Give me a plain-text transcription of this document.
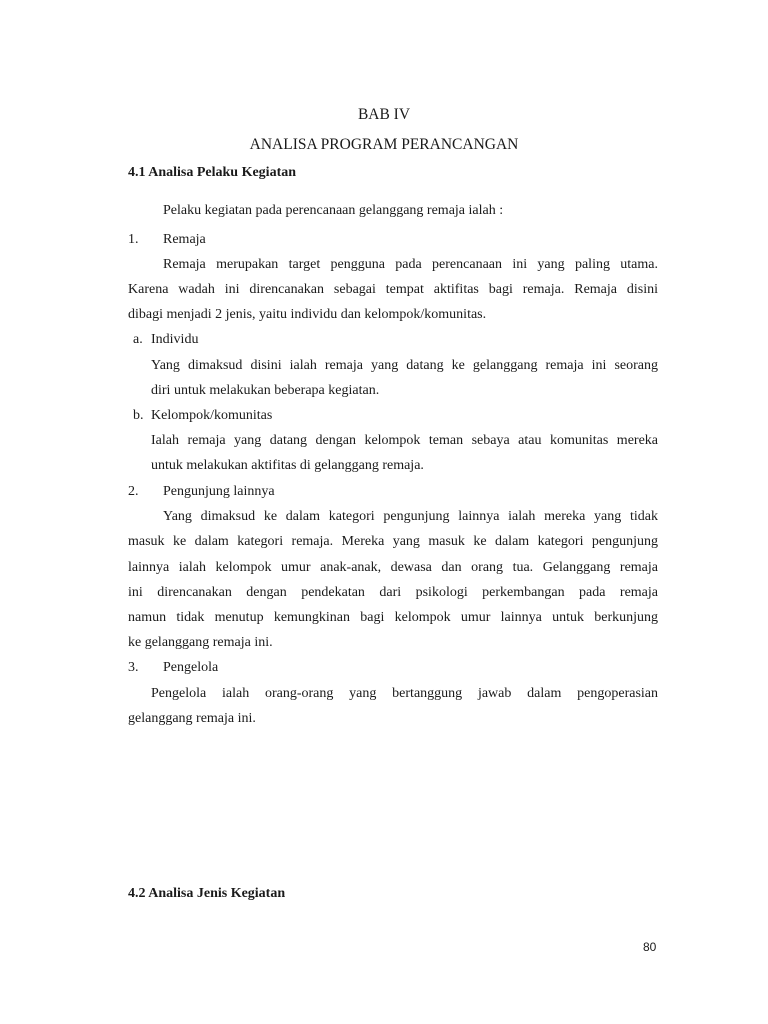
BAB IV
ANALISA PROGRAM PERANCANGAN
4.1 Analisa Pelaku Kegiatan
Pelaku kegiatan pada perencanaan gelanggang remaja ialah :
1. Remaja
Remaja merupakan target pengguna pada perencanaan ini yang paling utama.
Karena wadah ini direncanakan sebagai tempat aktifitas bagi remaja. Remaja disini
dibagi menjadi 2 jenis, yaitu individu dan kelompok/komunitas.
a. Individu
Yang dimaksud disini ialah remaja yang datang ke gelanggang remaja ini seorang
diri untuk melakukan beberapa kegiatan.
b. Kelompok/komunitas
Ialah remaja yang datang dengan kelompok teman sebaya atau komunitas mereka
untuk melakukan aktifitas di gelanggang remaja.
2. Pengunjung lainnya
Yang dimaksud ke dalam kategori pengunjung lainnya ialah mereka yang tidak
masuk ke dalam kategori remaja. Mereka yang masuk ke dalam kategori pengunjung
lainnya ialah kelompok umur anak-anak, dewasa dan orang tua. Gelanggang remaja
ini direncanakan dengan pendekatan dari psikologi perkembangan pada remaja
namun tidak menutup kemungkinan bagi kelompok umur lainnya untuk berkunjung
ke gelanggang remaja ini.
3. Pengelola
Pengelola ialah orang-orang yang bertanggung jawab dalam pengoperasian
gelanggang remaja ini.
4.2 Analisa Jenis Kegiatan
80
